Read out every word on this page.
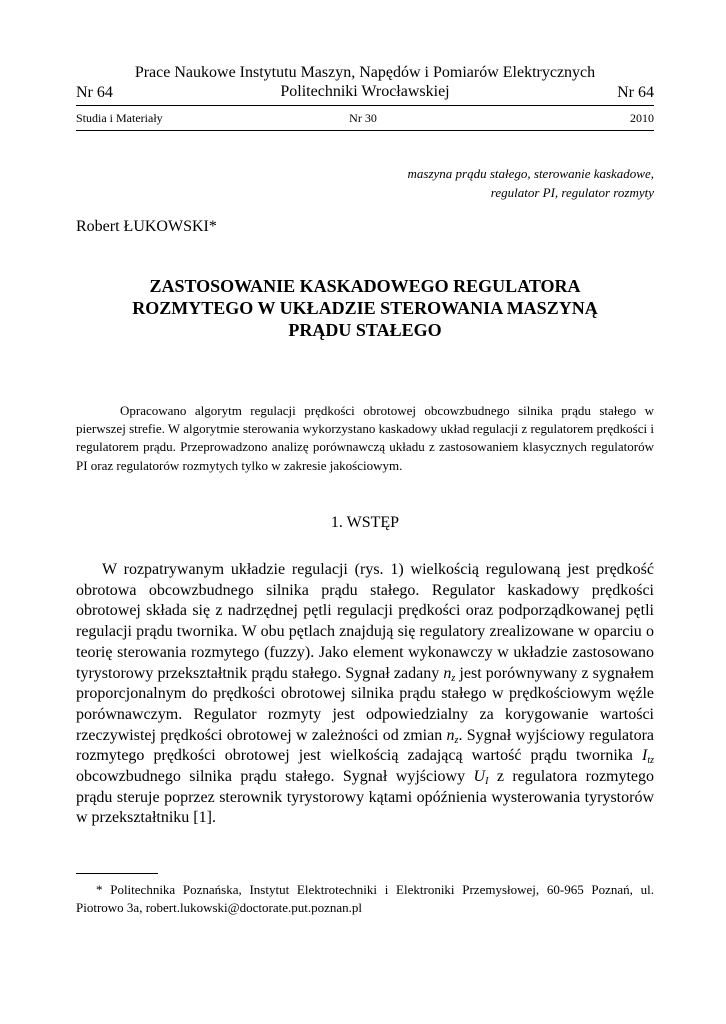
Prace Naukowe Instytutu Maszyn, Napędów i Pomiarów Elektrycznych
Politechniki Wrocławskiej
Nr 64	Nr 64
Studia i Materiały	Nr 30	2010
maszyna prądu stałego, sterowanie kaskadowe,
regulator PI, regulator rozmyty
Robert ŁUKOWSKI*
ZASTOSOWANIE KASKADOWEGO REGULATORA
ROZMYTEGO W UKŁADZIE STEROWANIA MASZYNĄ
PRĄDU STAŁEGO
Opracowano algorytm regulacji prędkości obrotowej obcowzbudnego silnika prądu stałego w pierwszej strefie. W algorytmie sterowania wykorzystano kaskadowy układ regulacji z regulatorem prędkości i regulatorem prądu. Przeprowadzono analizę porównawczą układu z zastosowaniem klasycznych regulatorów PI oraz regulatorów rozmytych tylko w zakresie jakościowym.
1. WSTĘP
W rozpatrywanym układzie regulacji (rys. 1) wielkością regulowaną jest prędkość obrotowa obcowzbudnego silnika prądu stałego. Regulator kaskadowy prędkości obrotowej składa się z nadrzędnej pętli regulacji prędkości oraz podporządkowanej pętli regulacji prądu twornika. W obu pętlach znajdują się regulatory zrealizowane w oparciu o teorię sterowania rozmytego (fuzzy). Jako element wykonawczy w układzie zastosowano tyrystorowy przekształtnik prądu stałego. Sygnał zadany $n_z$ jest porównywany z sygnałem proporcjonalnym do prędkości obrotowej silnika prądu stałego w prędkościowym węźle porównawczym. Regulator rozmyty jest odpowiedzialny za korygowanie wartości rzeczywistej prędkości obrotowej w zależności od zmian $n_z$. Sygnał wyjściowy regulatora rozmytego prędkości obrotowej jest wielkością zadającą wartość prądu twornika $I_{tz}$ obcowzbudnego silnika prądu stałego. Sygnał wyjściowy $U_I$ z regulatora rozmytego prądu steruje poprzez sterownik tyrystorowy kątami opóźnienia wysterowania tyrystorów w przekształtniku [1].
* Politechnika Poznańska, Instytut Elektrotechniki i Elektroniki Przemysłowej, 60-965 Poznań, ul. Piotrowo 3a, robert.lukowski@doctorate.put.poznan.pl
